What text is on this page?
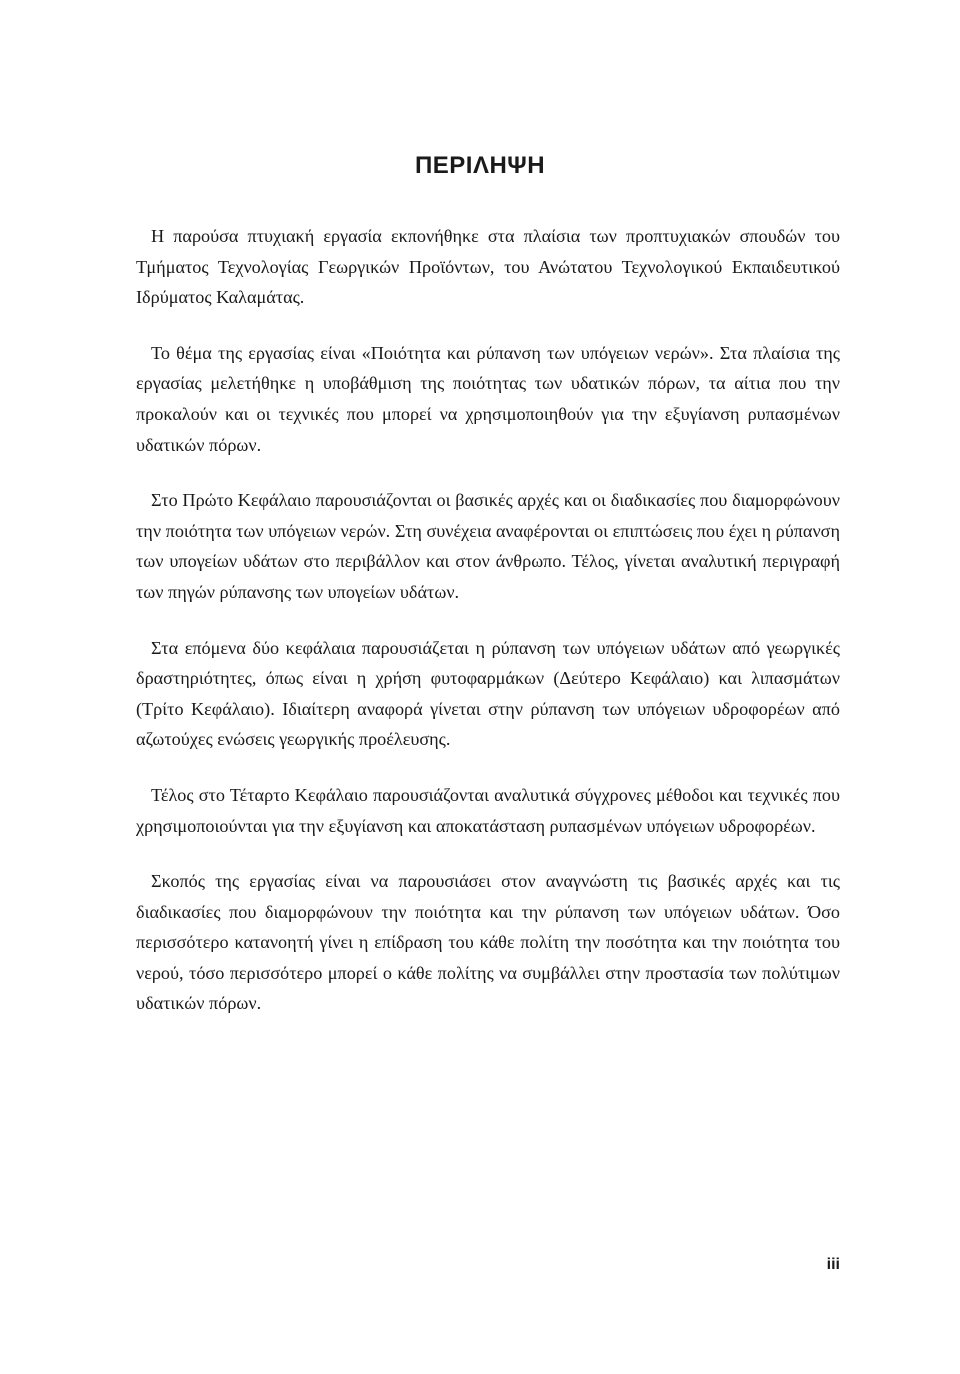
ΠΕΡΙΛΗΨΗ

Η παρούσα πτυχιακή εργασία εκπονήθηκε στα πλαίσια των προπτυχιακών σπουδών του Τμήματος Τεχνολογίας Γεωργικών Προϊόντων, του Ανώτατου Τεχνολογικού Εκπαιδευτικού Ιδρύματος Καλαμάτας.

Το θέμα της εργασίας είναι «Ποιότητα και ρύπανση των υπόγειων νερών». Στα πλαίσια της εργασίας μελετήθηκε η υποβάθμιση της ποιότητας των υδατικών πόρων, τα αίτια που την προκαλούν και οι τεχνικές που μπορεί να χρησιμοποιηθούν για την εξυγίανση ρυπασμένων υδατικών πόρων.

Στο Πρώτο Κεφάλαιο παρουσιάζονται οι βασικές αρχές και οι διαδικασίες που διαμορφώνουν την ποιότητα των υπόγειων νερών. Στη συνέχεια αναφέρονται οι επιπτώσεις που έχει η ρύπανση των υπογείων υδάτων στο περιβάλλον και στον άνθρωπο. Τέλος, γίνεται αναλυτική περιγραφή των πηγών ρύπανσης των υπογείων υδάτων.

Στα επόμενα δύο κεφάλαια παρουσιάζεται η ρύπανση των υπόγειων υδάτων από γεωργικές δραστηριότητες, όπως είναι η χρήση φυτοφαρμάκων (Δεύτερο Κεφάλαιο) και λιπασμάτων (Τρίτο Κεφάλαιο). Ιδιαίτερη αναφορά γίνεται στην ρύπανση των υπόγειων υδροφορέων από αζωτούχες ενώσεις γεωργικής προέλευσης.

Τέλος στο Τέταρτο Κεφάλαιο παρουσιάζονται αναλυτικά σύγχρονες μέθοδοι και τεχνικές που χρησιμοποιούνται για την εξυγίανση και αποκατάσταση ρυπασμένων υπόγειων υδροφορέων.

Σκοπός της εργασίας είναι να παρουσιάσει στον αναγνώστη τις βασικές αρχές και τις διαδικασίες που διαμορφώνουν την ποιότητα και την ρύπανση των υπόγειων υδάτων. Όσο περισσότερο κατανοητή γίνει η επίδραση του κάθε πολίτη την ποσότητα και την ποιότητα του νερού, τόσο περισσότερο μπορεί ο κάθε πολίτης να συμβάλλει στην προστασία των πολύτιμων υδατικών πόρων.

iii
